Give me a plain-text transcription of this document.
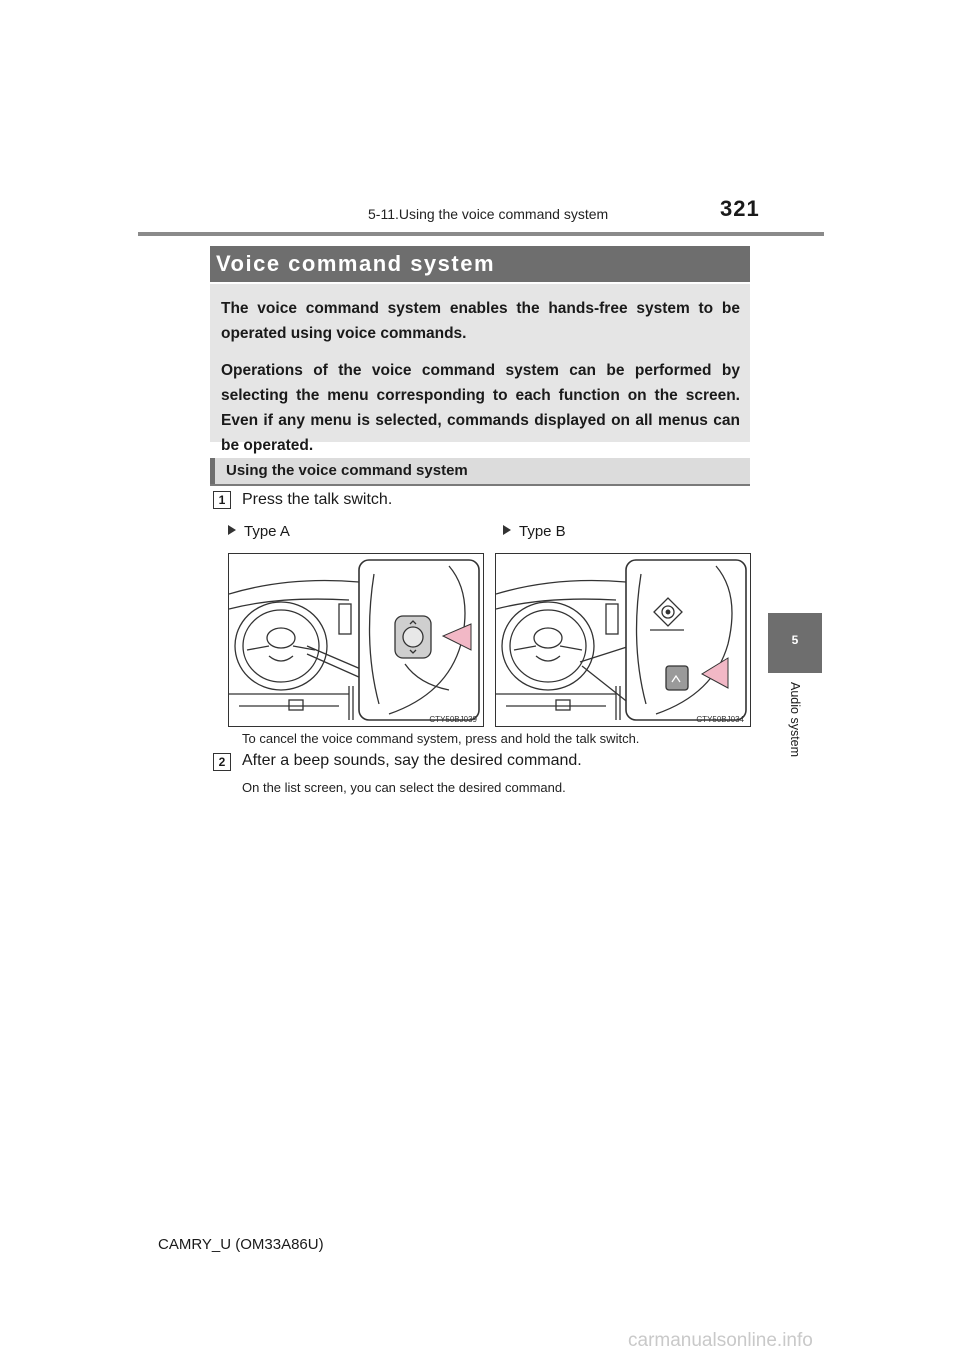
5-11.Using the voice command system	321
Voice command system

The voice command system enables the hands-free system to be operated using voice commands.

Operations of the voice command system can be performed by selecting the menu corresponding to each function on the screen. Even if any menu is selected, commands displayed on all menus can be operated.

Using the voice command system
1	Press the talk switch.
Type A	Type B
CTY50BJ039	CTY50BJ034
To cancel the voice command system, press and hold the talk switch.
2	After a beep sounds, say the desired command.
On the list screen, you can select the desired command.
5
Audio system
CAMRY_U (OM33A86U)
carmanualsonline.info
